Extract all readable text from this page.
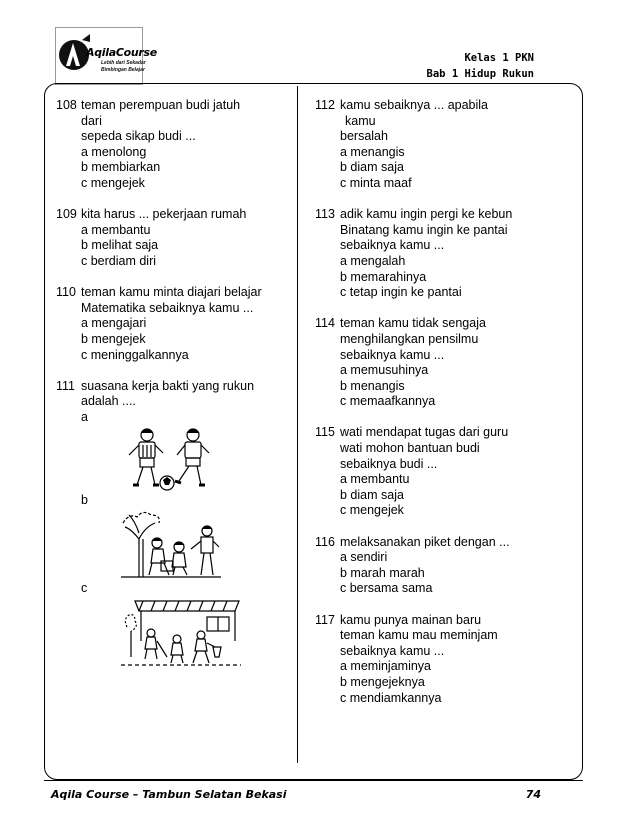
AqilaCourse
Lebih dari Sekadar
Bimbingan Belajar
Kelas 1 PKN
Bab 1 Hidup Rukun
108 teman perempuan budi jatuh
dari
sepeda sikap budi ...
a menolong
b membiarkan
c mengejek
109 kita harus ... pekerjaan rumah
a membantu
b melihat saja
c berdiam diri
110 teman kamu minta diajari belajar
Matematika sebaiknya kamu ...
a mengajari
b mengejek
c meninggalkannya
111 suasana kerja bakti yang rukun
adalah ....
a
b
c
112 kamu sebaiknya ... apabila
kamu
bersalah
a menangis
b diam saja
c minta maaf
113 adik kamu ingin pergi ke kebun
Binatang kamu ingin ke pantai
sebaiknya kamu ...
a mengalah
b memarahinya
c tetap ingin ke pantai
114 teman kamu tidak sengaja
menghilangkan pensilmu
sebaiknya kamu ...
a memusuhinya
b menangis
c memaafkannya
115 wati mendapat tugas dari guru
wati mohon bantuan budi
sebaiknya budi ...
a membantu
b diam saja
c mengejek
116 melaksanakan piket dengan ...
a sendiri
b marah marah
c bersama sama
117 kamu punya mainan baru
teman kamu mau meminjam
sebaiknya kamu ...
a meminjaminya
b mengejeknya
c mendiamkannya
Aqila Course – Tambun Selatan Bekasi	74
